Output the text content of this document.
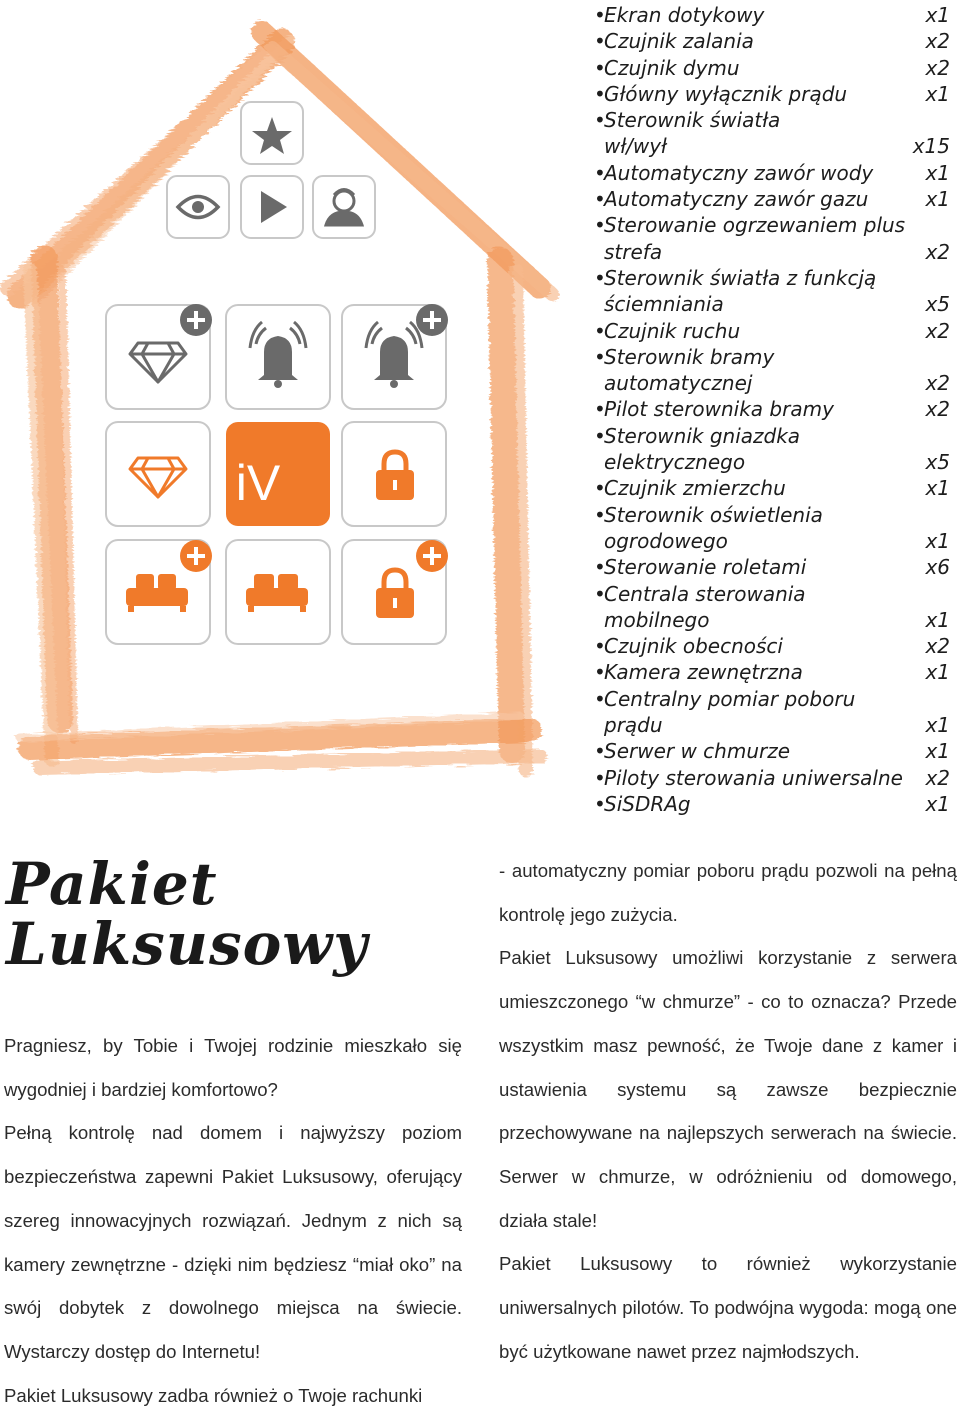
iV
•
Ekran dotykowy	x1
•
Czujnik zalania	x2
•
Czujnik dymu	x2
•
Główny wyłącznik prądu	x1
•
Sterownik światła
wł/wył	x15
•
Automatyczny zawór wody	x1
•
Automatyczny zawór gazu	x1
•
Sterowanie ogrzewaniem plus
strefa	x2
•
Sterownik światła z funkcją
ściemniania	x5
•
Czujnik ruchu	x2
•
Sterownik bramy
automatycznej	x2
•
Pilot sterownika bramy	x2
•
Sterownik gniazdka
elektrycznego	x5
•
Czujnik zmierzchu	x1
•
Sterownik oświetlenia
ogrodowego	x1
•
Sterowanie roletami	x6
•
Centrala sterowania
mobilnego	x1
•
Czujnik obecności	x2
•
Kamera zewnętrzna	x1
•
Centralny pomiar poboru
prądu	x1
•
Serwer w chmurze	x1
•
Piloty sterowania uniwersalne x2
•
SiSDRAg	x1
Pakiet
Luksusowy

Pragniesz, by Tobie i Twojej rodzinie mieszkało się wygodniej i bardziej komfortowo?

Pełną kontrolę nad domem i najwyższy poziom bezpieczeństwa zapewni Pakiet Luksusowy, oferujący szereg innowacyjnych rozwiązań. Jednym z nich są kamery zewnętrzne - dzięki nim będziesz “miał oko” na swój dobytek z dowolnego miejsca na świecie. Wystarczy dostęp do Internetu!

Pakiet Luksusowy zadba również o Twoje rachunki

- automatyczny pomiar poboru prądu pozwoli na pełną kontrolę jego zużycia.

Pakiet Luksusowy umożliwi korzystanie z serwera umieszczonego “w chmurze” - co to oznacza? Przede wszystkim masz pewność, że Twoje dane z kamer i ustawienia systemu są zawsze bezpiecznie przechowywane na najlepszych serwerach na świecie. Serwer w chmurze, w odróżnieniu od domowego, działa stale!

Pakiet Luksusowy to również wykorzystanie uniwersalnych pilotów. To podwójna wygoda: mogą one być użytkowane nawet przez najmłodszych.
